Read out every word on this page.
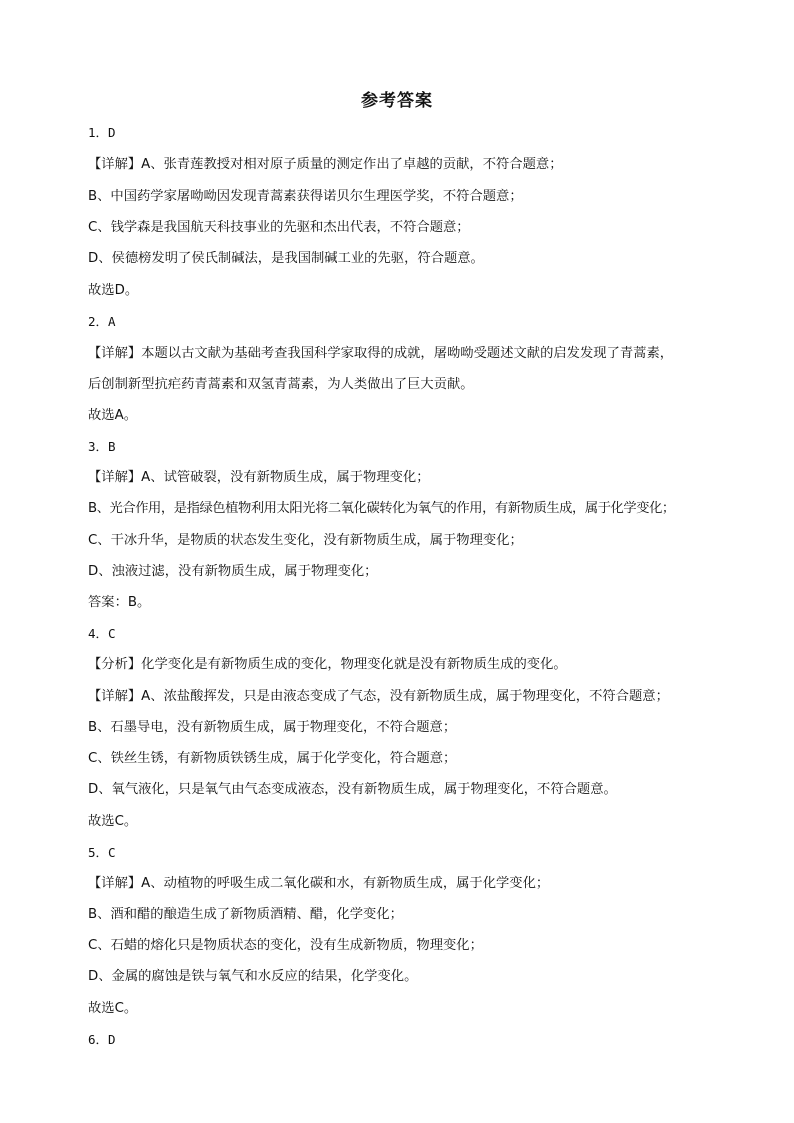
参考答案
1．D
【详解】A、张青莲教授对相对原子质量的测定作出了卓越的贡献，不符合题意；
B、中国药学家屠呦呦因发现青蒿素获得诺贝尔生理医学奖，不符合题意；
C、钱学森是我国航天科技事业的先驱和杰出代表，不符合题意；
D、侯德榜发明了侯氏制碱法，是我国制碱工业的先驱，符合题意。
故选D。
2．A
【详解】本题以古文献为基础考查我国科学家取得的成就，屠呦呦受题述文献的启发发现了青蒿素，
后创制新型抗疟药青蒿素和双氢青蒿素，为人类做出了巨大贡献。
故选A。
3．B
【详解】A、试管破裂，没有新物质生成，属于物理变化；
B、光合作用，是指绿色植物利用太阳光将二氧化碳转化为氧气的作用，有新物质生成，属于化学变化；
C、干冰升华，是物质的状态发生变化，没有新物质生成，属于物理变化；
D、浊液过滤，没有新物质生成，属于物理变化；
答案：B。
4．C
【分析】化学变化是有新物质生成的变化，物理变化就是没有新物质生成的变化。
【详解】A、浓盐酸挥发，只是由液态变成了气态，没有新物质生成，属于物理变化，不符合题意；
B、石墨导电，没有新物质生成，属于物理变化，不符合题意；
C、铁丝生锈，有新物质铁锈生成，属于化学变化，符合题意；
D、氧气液化，只是氧气由气态变成液态，没有新物质生成，属于物理变化，不符合题意。
故选C。
5．C
【详解】A、动植物的呼吸生成二氧化碳和水，有新物质生成，属于化学变化；
B、酒和醋的酿造生成了新物质酒精、醋，化学变化；
C、石蜡的熔化只是物质状态的变化，没有生成新物质，物理变化；
D、金属的腐蚀是铁与氧气和水反应的结果，化学变化。
故选C。
6．D
